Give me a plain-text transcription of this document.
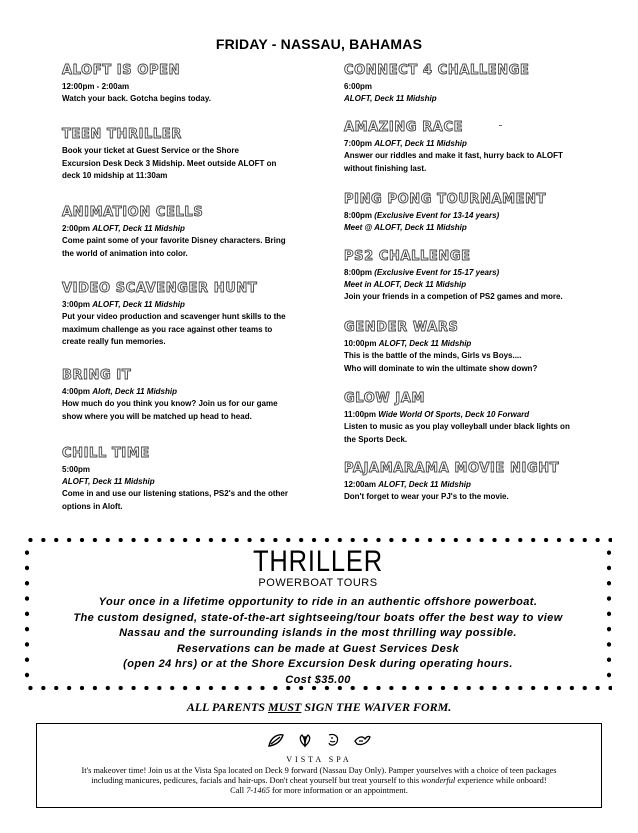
FRIDAY - NASSAU, BAHAMAS
ALOFT IS OPEN
12:00pm - 2:00am
Watch your back. Gotcha begins today.
TEEN THRILLER
Book your ticket at Guest Service or the Shore
Excursion Desk Deck 3 Midship. Meet outside ALOFT on
deck 10 midship at 11:30am
ANIMATION CELLS
2:00pm ALOFT, Deck 11 Midship
Come paint some of your favorite Disney characters. Bring
the world of animation into color.
VIDEO SCAVENGER HUNT
3:00pm ALOFT, Deck 11 Midship
Put your video production and scavenger hunt skills to the
maximum challenge as you race against other teams to
create really fun memories.
BRING IT
4:00pm Aloft, Deck 11 Midship
How much do you think you know? Join us for our game
show where you will be matched up head to head.
CHILL TIME
5:00pm
ALOFT, Deck 11 Midship
Come in and use our listening stations, PS2's and the other
options in Aloft.
CONNECT 4 CHALLENGE
6:00pm
ALOFT, Deck 11 Midship
AMAZING RACE
7:00pm ALOFT, Deck 11 Midship
Answer our riddles and make it fast, hurry back to ALOFT
without finishing last.
PING PONG TOURNAMENT
8:00pm (Exclusive Event for 13-14 years)
Meet @ ALOFT, Deck 11 Midship
PS2 CHALLENGE
8:00pm (Exclusive Event for 15-17 years)
Meet in ALOFT, Deck 11 Midship
Join your friends in a competion of PS2 games and more.
GENDER WARS
10:00pm ALOFT, Deck 11 Midship
This is the battle of the minds, Girls vs Boys....
Who will dominate to win the ultimate show down?
GLOW JAM
11:00pm Wide World Of Sports, Deck 10 Forward
Listen to music as you play volleyball under black lights on
the Sports Deck.
PAJAMARAMA MOVIE NIGHT
12:00am ALOFT, Deck 11 Midship
Don't forget to wear your PJ's to the movie.
THRILLER
POWERBOAT TOURS
Your once in a lifetime opportunity to ride in an authentic offshore powerboat.
The custom designed, state-of-the-art sightseeing/tour boats offer the best way to view
Nassau and the surrounding islands in the most thrilling way possible.
Reservations can be made at Guest Services Desk
(open 24 hrs) or at the Shore Excursion Desk during operating hours.
Cost $35.00
ALL PARENTS MUST SIGN THE WAIVER FORM.

VISTA SPA
It's makeover time! Join us at the Vista Spa located on Deck 9 forward (Nassau Day Only). Pamper yourselves with a choice of teen packages
including manicures, pedicures, facials and hair-ups. Don't cheat yourself but treat yourself to this wonderful experience while onboard!
Call 7-1465 for more information or an appointment.
